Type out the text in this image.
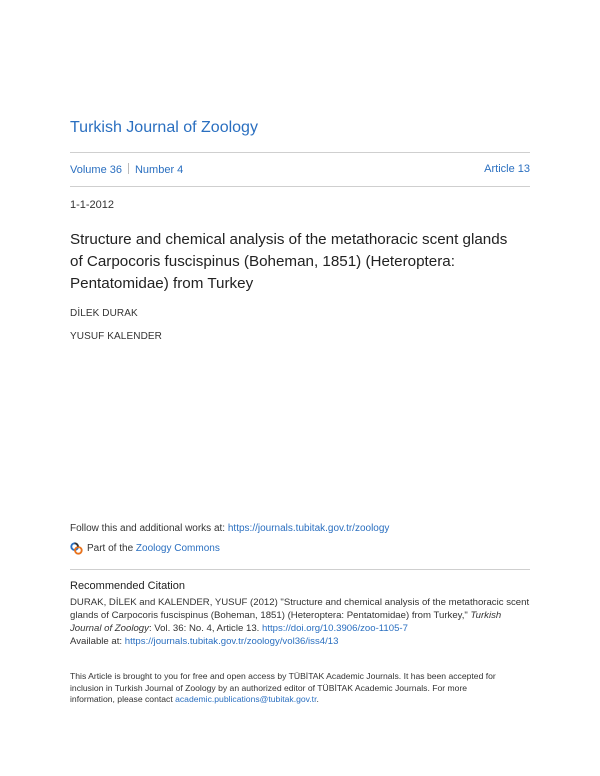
Turkish Journal of Zoology
Volume 36 Number 4	Article 13
1-1-2012
Structure and chemical analysis of the metathoracic scent glands
of Carpocoris fuscispinus (Boheman, 1851) (Heteroptera:
Pentatomidae) from Turkey
DİLEK DURAK
YUSUF KALENDER
Follow this and additional works at: https://journals.tubitak.gov.tr/zoology
Part of the
Zoology Commons
Recommended Citation
DURAK, DİLEK and KALENDER, YUSUF (2012) "Structure and chemical analysis of the metathoracic scent
glands of Carpocoris fuscispinus (Boheman, 1851) (Heteroptera: Pentatomidae) from Turkey," Turkish
Journal of Zoology: Vol. 36: No. 4, Article 13. https://doi.org/10.3906/zoo-1105-7
Available at: https://journals.tubitak.gov.tr/zoology/vol36/iss4/13
This Article is brought to you for free and open access by TÜBİTAK Academic Journals. It has been accepted for
inclusion in Turkish Journal of Zoology by an authorized editor of TÜBİTAK Academic Journals. For more
information, please contact academic.publications@tubitak.gov.tr.
